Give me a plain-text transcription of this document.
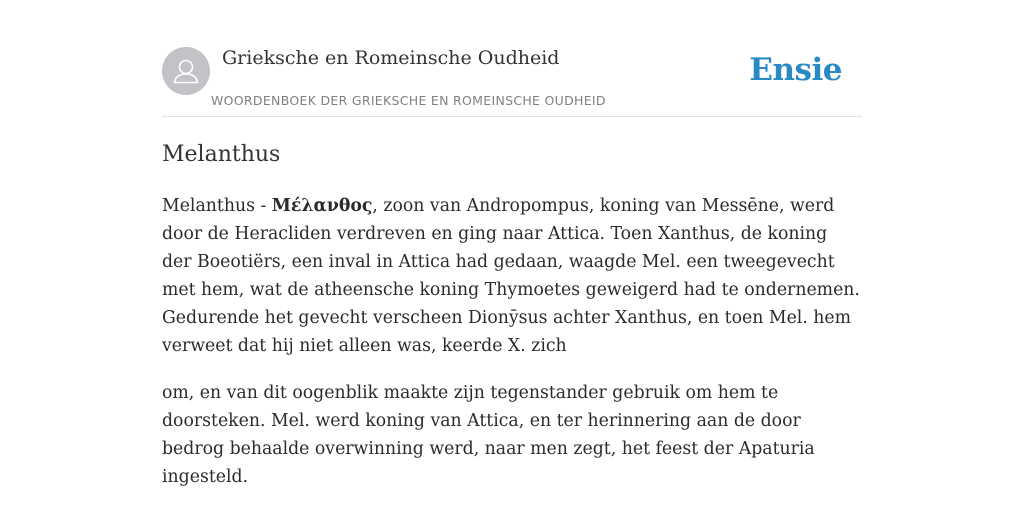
Grieksche en Romeinsche Oudheid
WOORDENBOEK DER GRIEKSCHE EN ROMEINSCHE OUDHEID
Ensie
Melanthus

Melanthus - Μέλανθος, zoon van Andropompus, koning van Messēne, werd door de Heracliden verdreven en ging naar Attica. Toen Xanthus, de koning der Boeotiërs, een inval in Attica had gedaan, waagde Mel. een tweegevecht met hem, wat de atheensche koning Thymoetes geweigerd had te ondernemen. Gedurende het gevecht verscheen Dionȳsus achter Xanthus, en toen Mel. hem verweet dat hij niet alleen was, keerde X. zich

om, en van dit oogenblik maakte zijn tegenstander gebruik om hem te doorsteken. Mel. werd koning van Attica, en ter herinnering aan de door bedrog behaalde overwinning werd, naar men zegt, het feest der Apaturia ingesteld.
